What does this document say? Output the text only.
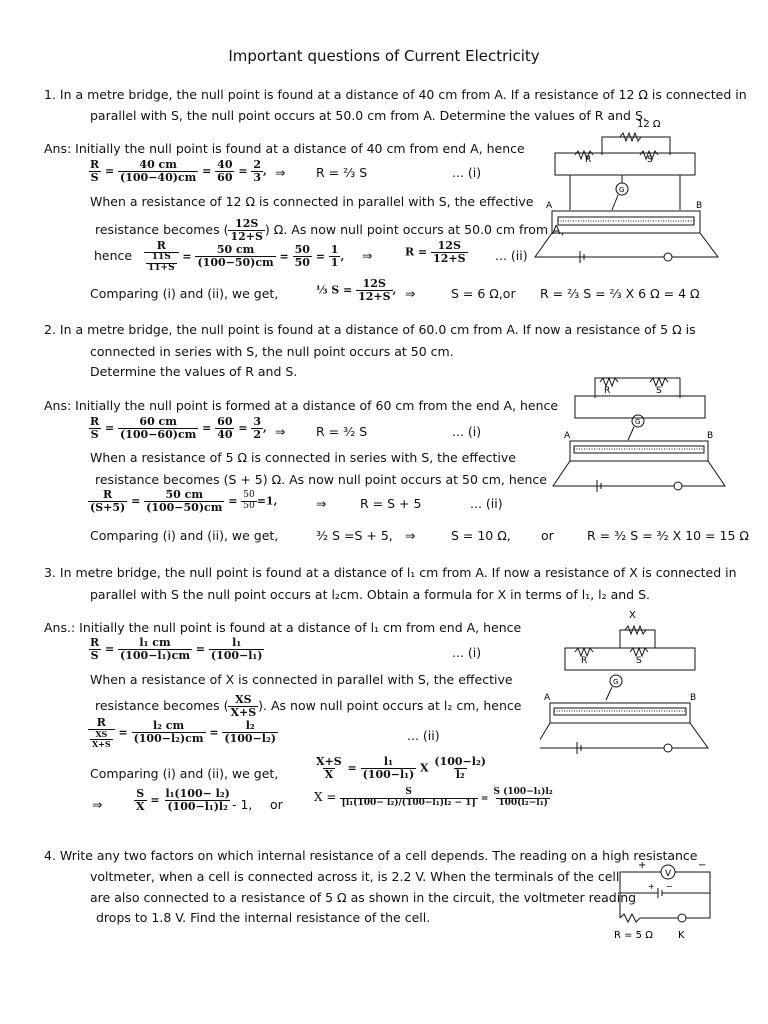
Important questions of Current Electricity
1. In a metre bridge, the null point is found at a distance of 40 cm from A. If a resistance of 12 Ω is connected in
parallel with S, the null point occurs at 50.0 cm from A. Determine the values of R and S.
Ans: Initially the null point is found at a distance of 40 cm from end A, hence
$\frac{R}{S} = \frac{40 cm}{(100-40)cm} = \frac{40}{60} = \frac{2}{3}$ , ⇒ R = ⅔ S	... (i)
When a resistance of 12 Ω is connected in parallel with S, the effective
resistance becomes ( $\frac{12S}{12+S}$ ) Ω. As now null point occurs at 50.0 cm from A,
hence $\frac{R}{\frac{11S}{11+S}} = \frac{50 cm}{(100-50)cm} = \frac{50}{50} = \frac{1}{1}$ , ⇒	$R = \frac{12S}{12+S}$ ... (ii)
Comparing (i) and (ii), we get,	⅓ $S = \frac{12S}{12+S}$ , ⇒	S = 6 Ω,or R = ⅔ S = ⅔ X 6 Ω = 4 Ω
12 Ω
R	S
G
A	B
2. In a metre bridge, the null point is found at a distance of 60.0 cm from A. If now a resistance of 5 Ω is
connected in series with S, the null point occurs at 50 cm.
Determine the values of R and S.
Ans: Initially the null point is formed at a distance of 60 cm from the end A, hence
$\frac{R}{S} = \frac{60 cm}{(100-60)cm} = \frac{60}{40} = \frac{3}{2}$ , ⇒ R = ³⁄₂ S	... (i)
When a resistance of 5 Ω is connected in series with S, the effective
resistance becomes (S + 5) Ω. As now null point occurs at 50 cm, hence
$\frac{R}{(S+5)} = \frac{50 cm}{(100-50)cm} = \frac{50}{50} =1$,	⇒	R = S + 5	... (ii)
Comparing (i) and (ii), we get,	³⁄₂ S =S + 5, ⇒	S = 10 Ω, or	R = ³⁄₂ S = ³⁄₂ X 10 = 15 Ω
R	S
G
A	B
3. In metre bridge, the null point is found at a distance of l₁ cm from A. If now a resistance of X is connected in
parallel with S the null point occurs at l₂cm. Obtain a formula for X in terms of l₁, l₂ and S.
Ans.: Initially the null point is found at a distance of l₁ cm from end A, hence
$\frac{R}{S} = \frac{\text{l₁ cm}}{\text{(100−l₁)cm}} = \frac{\text{l₁}}{\text{(100−l₁)}}$	... (i)
When a resistance of X is connected in parallel with S, the effective
resistance becomes ( $\frac{XS}{X+S}$ ). As now null point occurs at l₂ cm, hence
$\frac{R}{\frac{XS}{X+S}} = \frac{\text{l₂ cm}}{\text{(100−l₂)cm}} = \frac{\text{l₂}}{\text{(100−l₂)}}$	... (ii)
Comparing (i) and (ii), we get,	$\frac{X+S}{X} = \frac{\text{l₁}}{\text{(100−l₁)}}$ X $\frac{\text{(100−l₂)}}{\text{l₂}}$
⇒	$\frac{S}{X} = \frac{\text{l₁(100− l₂)}}{\text{(100−l₁)l₂}} - 1$, or
$X = \frac{S}{\text{[l₁(100− l₂)/(100−l₁)l₂ − 1]}} = \frac{\text{S (100−l₁)l₂}}{\text{100(l₂−l₁)}}$
X
R	S
G
A	B
4. Write any two factors on which internal resistance of a cell depends. The reading on a high resistance
voltmeter, when a cell is connected across it, is 2.2 V. When the terminals of the cell
are also connected to a resistance of 5 Ω as shown in the circuit, the voltmeter reading
drops to 1.8 V. Find the internal resistance of the cell.
+	−
V
+ −
R = 5 Ω	K
